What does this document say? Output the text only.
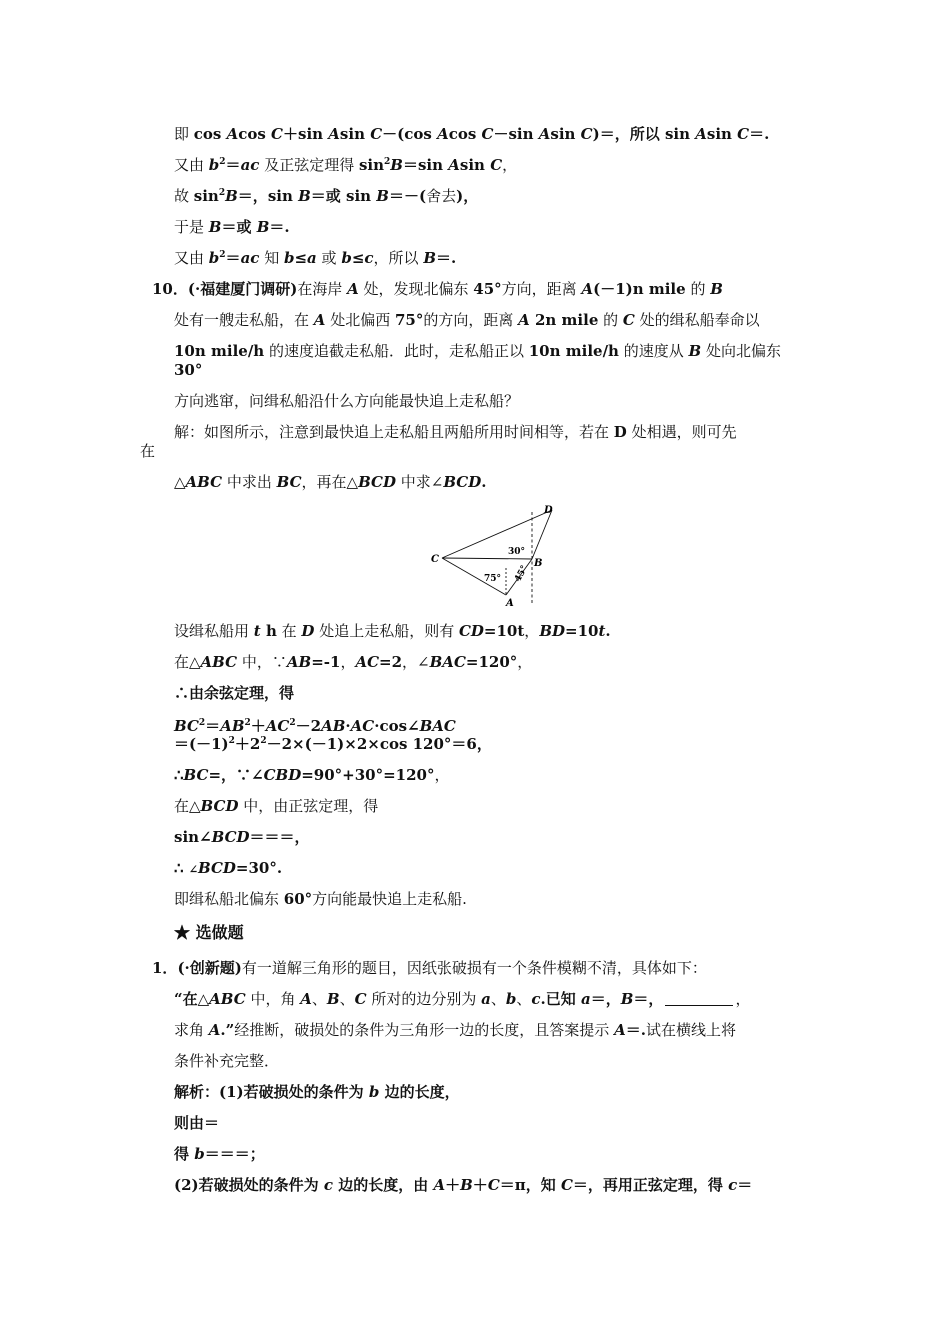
即 cos Acos C＋sin Asin C－(cos Acos C－sin Asin C)＝，所以 sin Asin C＝.
又由 $b^2=ac$ 及正弦定理得 $\sin^2B=\sin$ Asin C，
故 $\sin^2B=$，sin B＝或 sin B＝－(舍去)，
于是 B＝或 B＝.
又由 $b^2=ac$ 知 b≤a 或 b≤c，所以 B＝.
10．(·福建厦门调研)在海岸 A 处，发现北偏东 45°方向，距离 A(－1)n mile 的 B
处有一艘走私船，在 A 处北偏西 75°的方向，距离 A 2n mile 的 C 处的缉私船奉命以
10n mile/h 的速度追截走私船．此时，走私船正以 10n mile/h 的速度从 B 处向北偏东
30°
方向逃窜，问缉私船沿什么方向能最快追上走私船？
解：如图所示，注意到最快追上走私船且两船所用时间相等，若在 D 处相遇，则可先
在
△ABC 中求出 BC，再在△BCD 中求∠BCD.
D
C	B
A
30°
75° 45°
设缉私船用 t h 在 D 处追上走私船，则有 CD=10t，BD=10t.
在△ABC 中，∵AB=-1，AC=2，∠BAC=120°，
∴由余弦定理，得
$BC^2=AB^2+AC^2-2AB\cdot AC\cdot\cos\angle BAC$
$=(-1)^2+2^2-2\times(-1)\times 2\times\cos$ 120°＝6，
∴BC=，∵∠CBD=90°+30°=120°，
在△BCD 中，由正弦定理，得
sin∠BCD＝＝＝，
∴ ∠BCD=30°.
即缉私船北偏东 60°方向能最快追上走私船.
★ 选做题
1．(·创新题)有一道解三角形的题目，因纸张破损有一个条件模糊不清，具体如下：
“在△ABC 中，角 A、B、C 所对的边分别为 a、b、c.已知 a＝，B＝，	，
求角 A.”经推断，破损处的条件为三角形一边的长度，且答案提示 A＝.试在横线上将
条件补充完整．
解析：(1)若破损处的条件为 b 边的长度，
则由＝
得 b＝＝＝；
(2)若破损处的条件为 c 边的长度，由 A＋B＋C＝π，知 C＝，再用正弦定理，得 c＝
